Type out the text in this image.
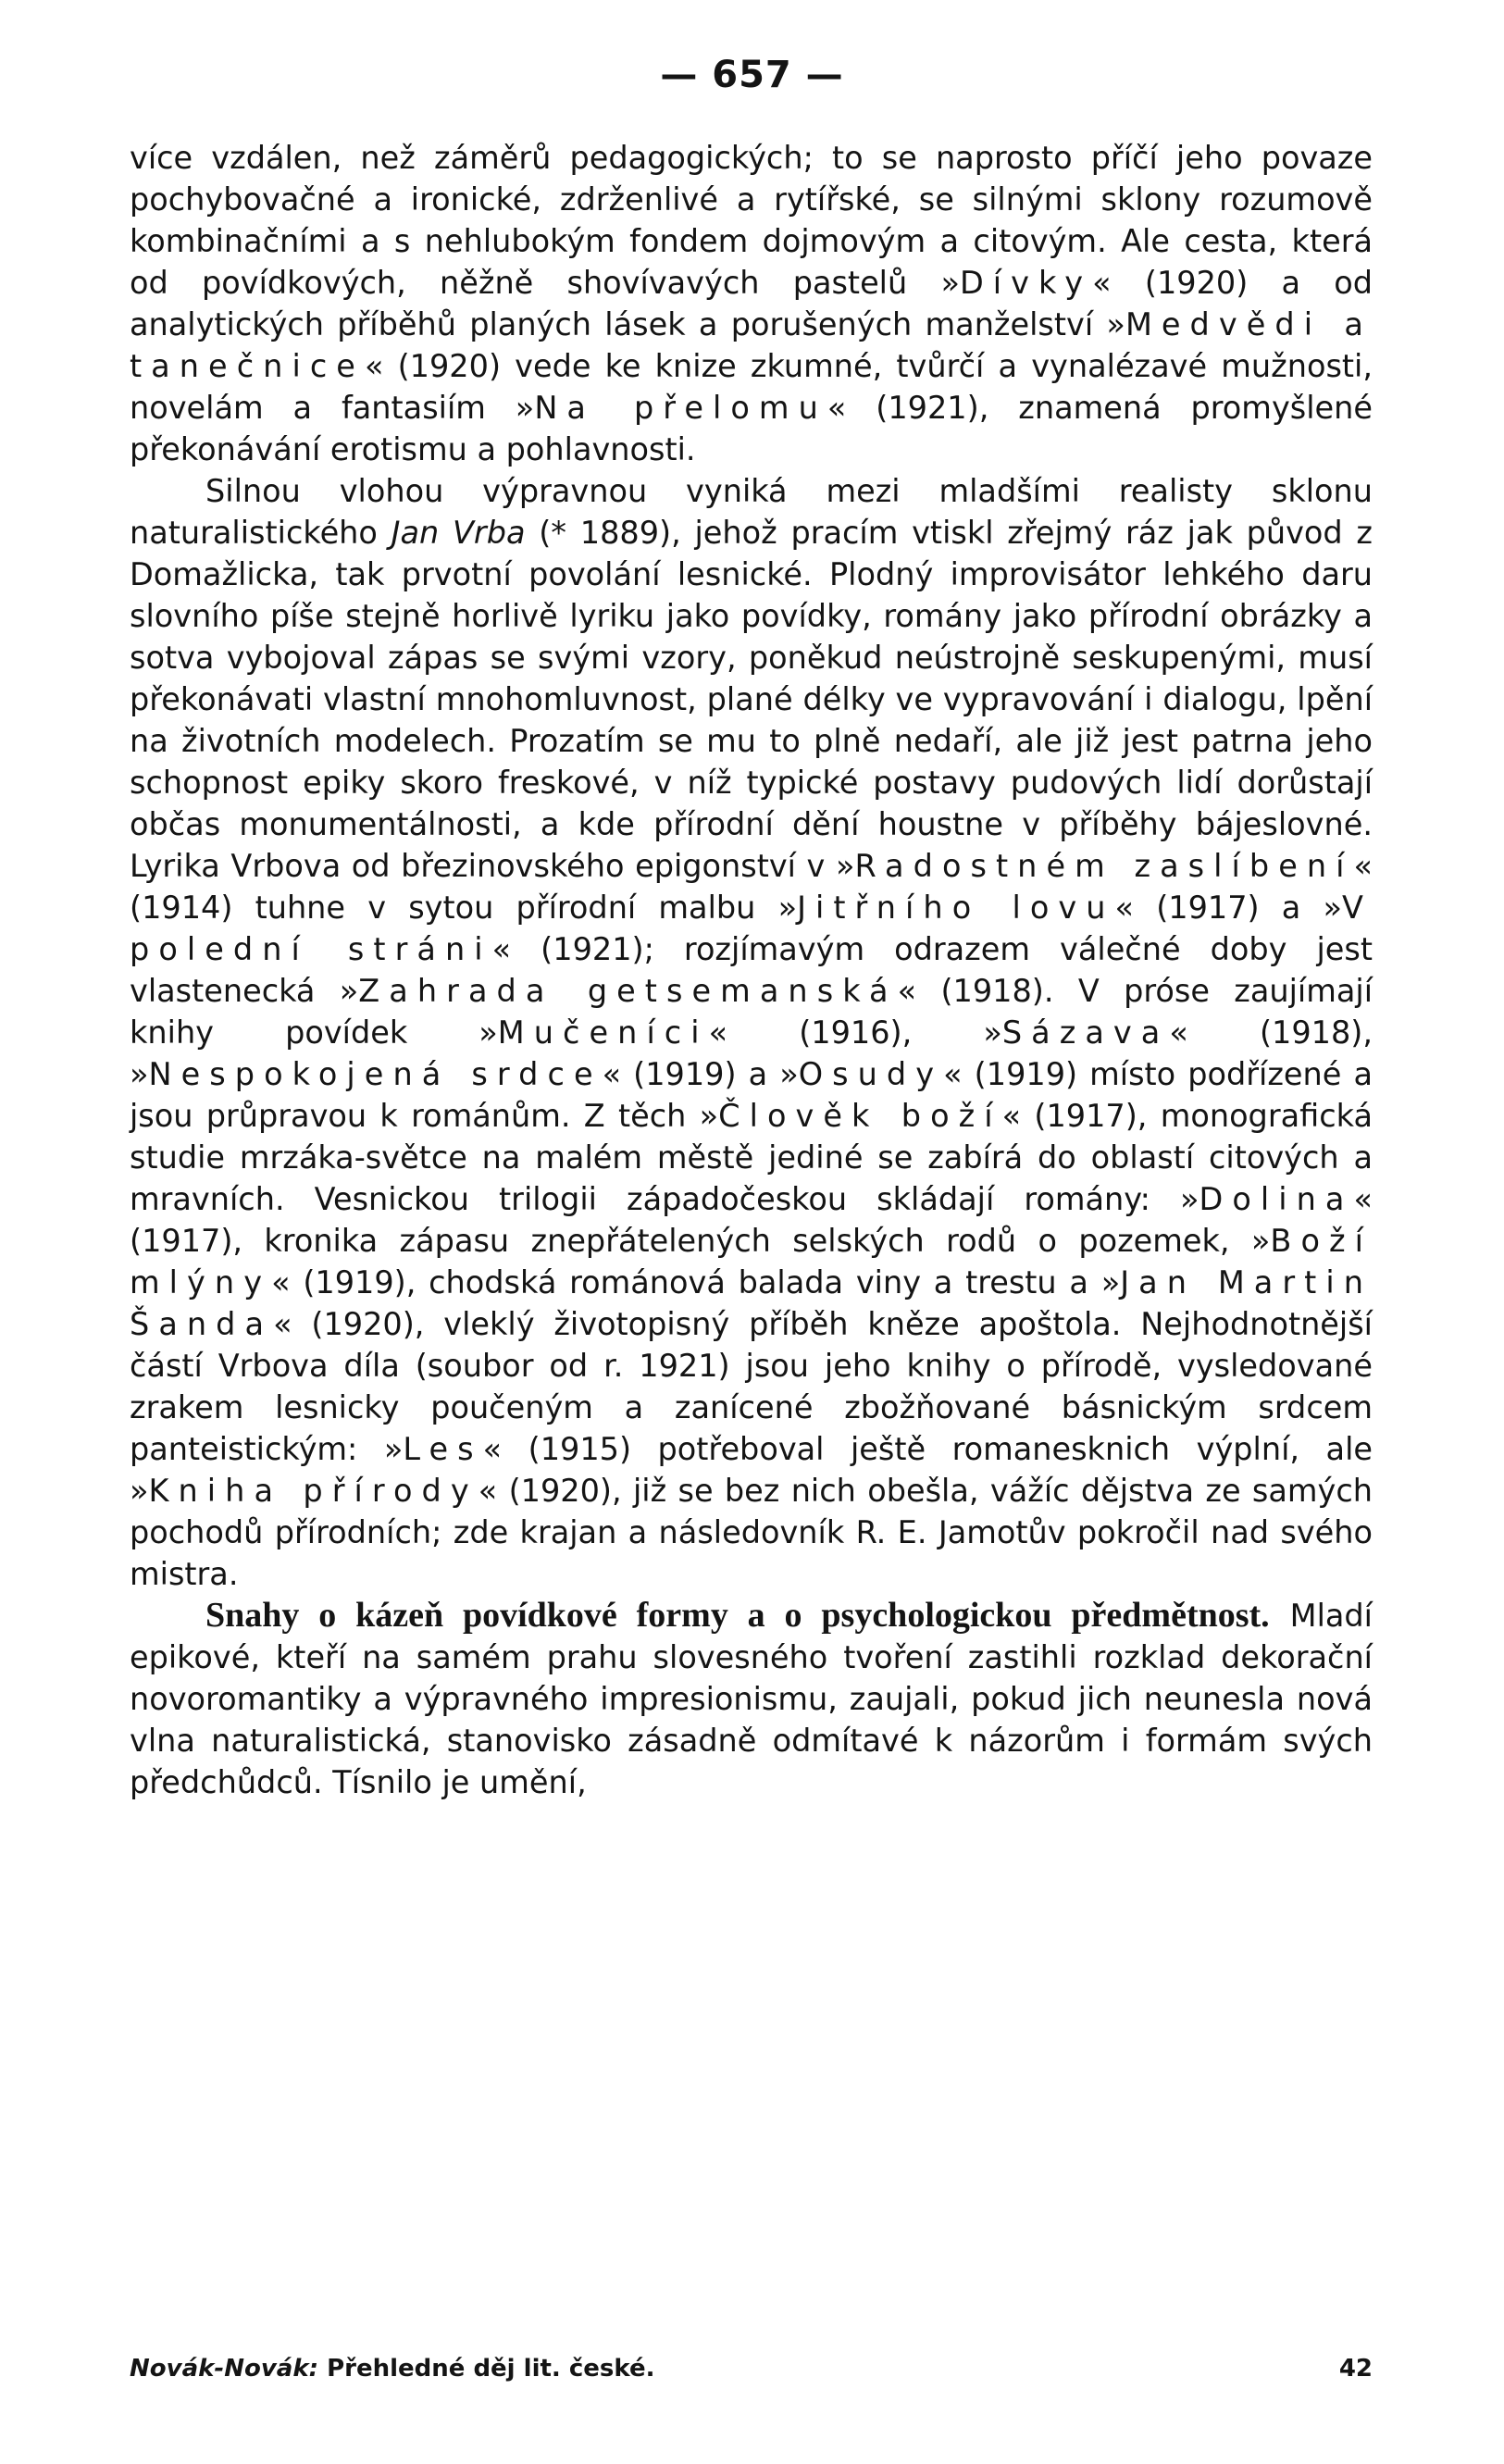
— 657 —

více vzdálen, než záměrů pedagogických; to se naprosto příčí jeho povaze pochybovačné a ironické, zdrženlivé a rytířské, se silnými sklony rozumově kombinačními a s nehlubokým fondem dojmovým a citovým. Ale cesta, která od povídkových, něžně shovívavých pastelů »Dívky« (1920) a od analytických příběhů planých lásek a porušených manželství »Medvědi a tanečnice« (1920) vede ke knize zkumné, tvůrčí a vynalézavé mužnosti, novelám a fantasiím »Na přelomu« (1921), znamená promyšlené překonávání erotismu a pohlavnosti.

Silnou vlohou výpravnou vyniká mezi mladšími realisty sklonu naturalistického Jan Vrba (* 1889), jehož pracím vtiskl zřejmý ráz jak původ z Domažlicka, tak prvotní povolání lesnické. Plodný improvisátor lehkého daru slovního píše stejně horlivě lyriku jako povídky, romány jako přírodní obrázky a sotva vybojoval zápas se svými vzory, poněkud neústrojně seskupenými, musí překonávati vlastní mnohomluvnost, plané délky ve vypravování i dialogu, lpění na životních modelech. Prozatím se mu to plně nedaří, ale již jest patrna jeho schopnost epiky skoro freskové, v níž typické postavy pudových lidí dorůstají občas monumentálnosti, a kde přírodní dění houstne v příběhy bájeslovné. Lyrika Vrbova od březinovského epigonství v »Radostném zaslíbení« (1914) tuhne v sytou přírodní malbu »Jitřního lovu« (1917) a »V polední stráni« (1921); rozjímavým odrazem válečné doby jest vlastenecká »Zahrada getsemanská« (1918). V próse zaujímají knihy povídek »Mučeníci« (1916), »Sázava« (1918), »Nespokojená srdce« (1919) a »Osudy« (1919) místo podřízené a jsou průpravou k románům. Z těch »Člověk boží« (1917), monografická studie mrzáka-světce na malém městě jediné se zabírá do oblastí citových a mravních. Vesnickou trilogii západočeskou skládají romány: »Dolina« (1917), kronika zápasu znepřátelených selských rodů o pozemek, »Boží mlýny« (1919), chodská románová balada viny a trestu a »Jan Martin Šanda« (1920), vleklý životopisný příběh kněze apoštola. Nejhodnotnější částí Vrbova díla (soubor od r. 1921) jsou jeho knihy o přírodě, vysledované zrakem lesnicky poučeným a zanícené zbožňované básnickým srdcem panteistickým: »Les« (1915) potřeboval ještě romanesknich výplní, ale »Kniha přírody« (1920), již se bez nich obešla, vážíc dějstva ze samých pochodů přírodních; zde krajan a následovník R. E. Jamotův pokročil nad svého mistra.

Snahy o kázeň povídkové formy a o psychologickou předmětnost. Mladí epikové, kteří na samém prahu slovesného tvoření zastihli rozklad dekorační novoromantiky a výpravného impresionismu, zaujali, pokud jich neunesla nová vlna naturalistická, stanovisko zásadně odmítavé k názorům i formám svých předchůdců. Tísnilo je umění,

Novák-Novák: Přehledné děj lit. české.	42
